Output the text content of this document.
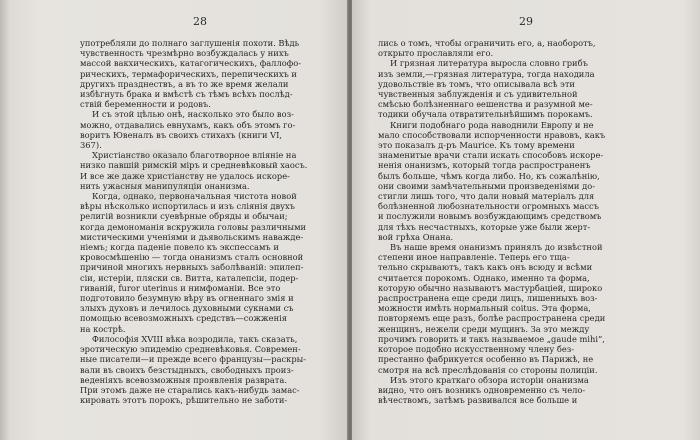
28

употребляли до полнаго заглушенія похоти. Вѣдь
чувственность чрезмѣрно возбуждалась у нихъ
массой вакхическихъ, катагогическихъ, фаллофо-
рическихъ, термафорическихъ, перепическихъ и
другихъ празднествъ, а въ то же время желали
избѣгнуть брака и вмѣстѣ съ тѣмъ всѣхъ послѣд-
ствій беременности и родовъ.

И съ этой цѣлью онѣ, насколько это было воз-
можно, отдавались евнухамъ, какъ объ этомъ го-
воритъ Ювеналъ въ своихъ стихахъ (книги VI,
367).

Христіанство оказало благотворное вліяніе на
низко павшій римскій міръ и средневѣковый хаосъ.
И все же даже христіанству не удалось искоре-
нить ужасныя манипуляціи онанизма.

Когда, однако, первоначальная чистота новой
вѣры нѣсколько испортилась и изъ сліянія двухъ
религій возникли суевѣрные обряды и обычаи;
когда демономанія вскружила головы различными
мистическими ученіями и дьявольскимъ наважде-
ніемъ; когда паденіе повело къ экспессамъ и
кровосмѣшенію — тогда онанизмъ сталъ основной
причиной многихъ нервныхъ заболѣваній: эпилеп-
сіи, истеріи, пляски св. Витта, каталепсіи, подер-
гиваній, furor uterinus и нимфоманіи. Все это
подготовило безумную вѣру въ огненнаго змія и
злыхъ духовъ и лечилось духовными сукнами съ
помощью всевозможныхъ средствъ—сожженія
на кострѣ.

Философія XVIII вѣка возродила, такъ сказать,
эротическую эпидемію средневѣковья. Современ-
ные писатели—и прежде всего французы—раскры-
вали въ своихъ безстыдныхъ, свободныхъ произ-
веденіяхъ всевозможныя проявленія разврата.
При этомъ даже не старались какъ-нибудь замас-
кировать этотъ порокъ, рѣшительно не заботи-

29

лись о томъ, чтобы ограничить его, а, наоборотъ,
открыто прославляли его.

И грязная литература выросла словно грибъ
изъ земли,—грязная литература, тогда находила
удовольствіе въ томъ, что описывала всѣ эти
чувственныя заблужденія и съ удивительной
смѣсью болѣзненнаго ѳешенства и разумной ме-
тодики обучала отвратительнѣйшимъ порокамъ.

Книги подобнаго рода наводнили Европу и не
мало способствовали испорченности нравовъ, какъ
это показалъ д-ръ Maurice. Къ тому времени
знаменитые врачи стали искать способовъ искоре-
ненія онанизмъ, который тогда распространенъ
былъ больше, чѣмъ когда либо. Но, къ сожалѣнію,
они своими замѣчательными произведеніями до-
стигли лишь того, что дали новый матеріалъ для
болѣзненной любознательности огромныхъ массъ
и послужили новымъ возбуждающимъ средствомъ
для тѣхъ несчастныхъ, которые уже были жерт-
вой грѣха Онана.

Въ наше время онанизмъ принялъ до извѣстной
степени иное направленіе. Теперь его тща-
тельно скрываютъ, такъ какъ онъ всюду и всѣми
считается порокомъ. Однако, именно та форма,
которую обычно называютъ мастурбаціей, широко
распространена еще среди лицъ, лишенныхъ воз-
можности имѣть нормальный coitus. Эта форма,
повторяемъ еще разъ, болѣе распространена среди
женщинъ, нежели среди мущинъ. За это между
прочимъ говорить и такъ называемое „gaude mihi“,
которое подобно искусственному члену без-
престанно фабрикуется особенно въ Парижѣ, не
смотря на всѣ преслѣдованія со стороны полиціи.

Изъ этого краткаго обзора исторіи онанизма
видно, что онъ возникъ одновременно съ чело-
вѣчествомъ, затѣмъ развивался все больше и
